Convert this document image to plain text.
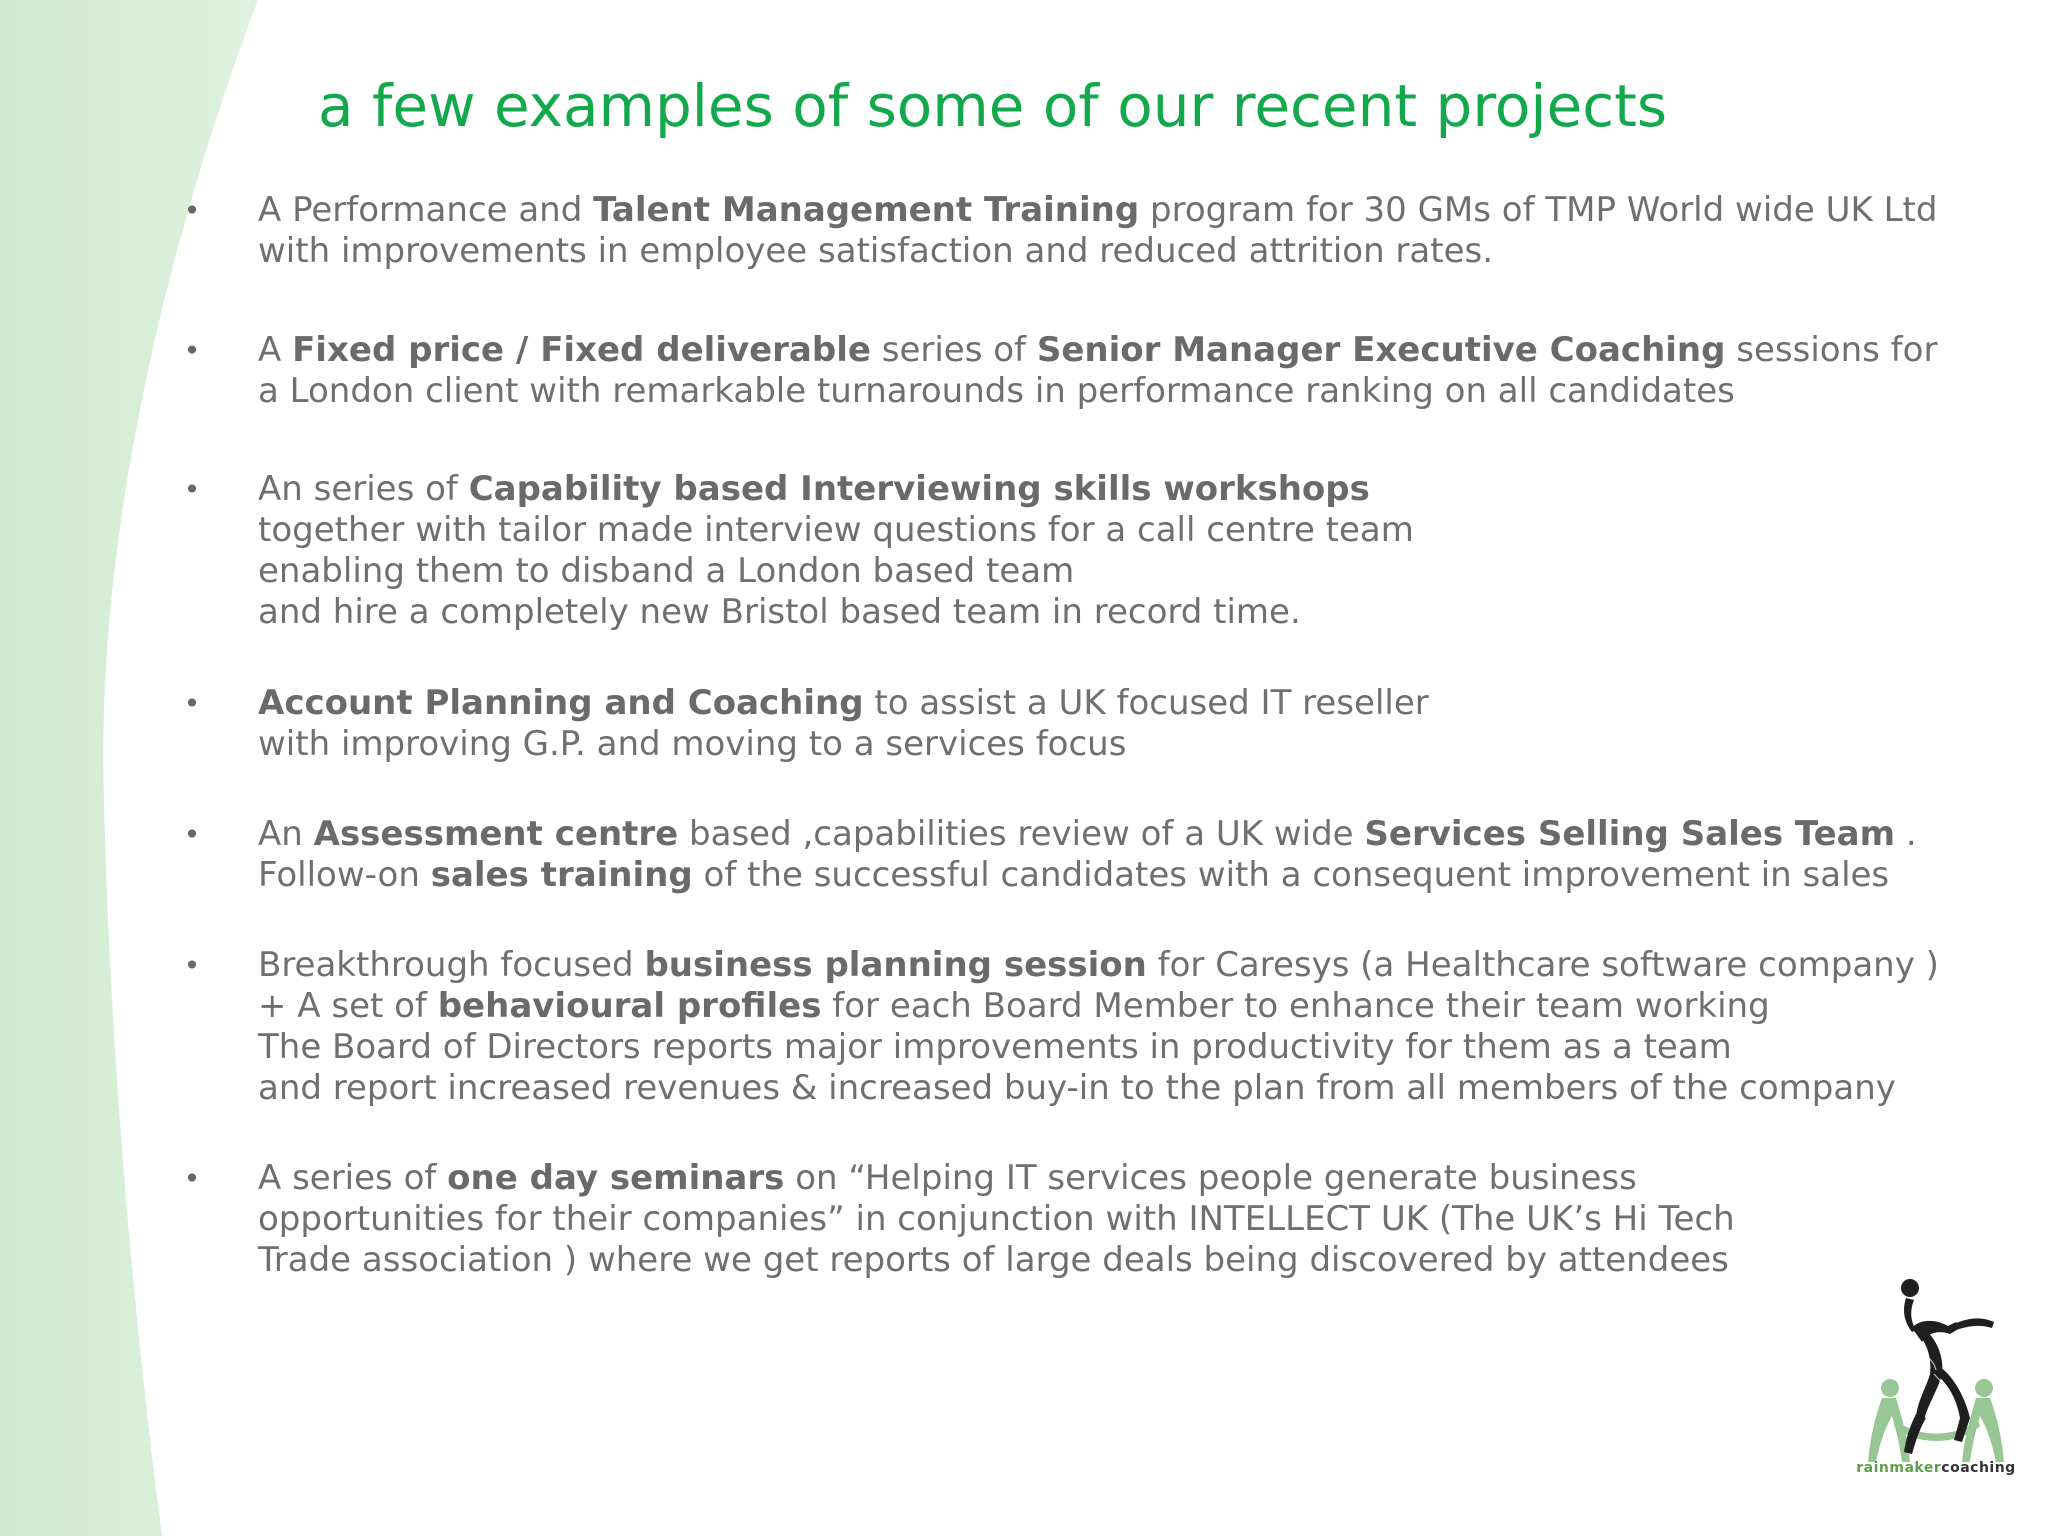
a few examples of some of our recent projects
• A Performance and Talent Management Training program for 30 GMs of TMP World wide UK Ltd
with improvements in employee satisfaction and reduced attrition rates.
• A Fixed price / Fixed deliverable series of Senior Manager Executive Coaching sessions for
a London client with remarkable turnarounds in performance ranking on all candidates
• An series of Capability based Interviewing skills workshops
together with tailor made interview questions for a call centre team
enabling them to disband a London based team
and hire a completely new Bristol based team in record time.
• Account Planning and Coaching to assist a UK focused IT reseller
with improving G.P. and moving to a services focus
• An Assessment centre based ,capabilities review of a UK wide Services Selling Sales Team .
Follow-on sales training of the successful candidates with a consequent improvement in sales
• Breakthrough focused business planning session for Caresys (a Healthcare software company )
+ A set of behavioural profiles for each Board Member to enhance their team working
The Board of Directors reports major improvements in productivity for them as a team
and report increased revenues & increased buy-in to the plan from all members of the company
• A series of one day seminars on “Helping IT services people generate business
opportunities for their companies” in conjunction with INTELLECT UK (The UK’s Hi Tech
Trade association ) where we get reports of large deals being discovered by attendees
rainmakercoaching
